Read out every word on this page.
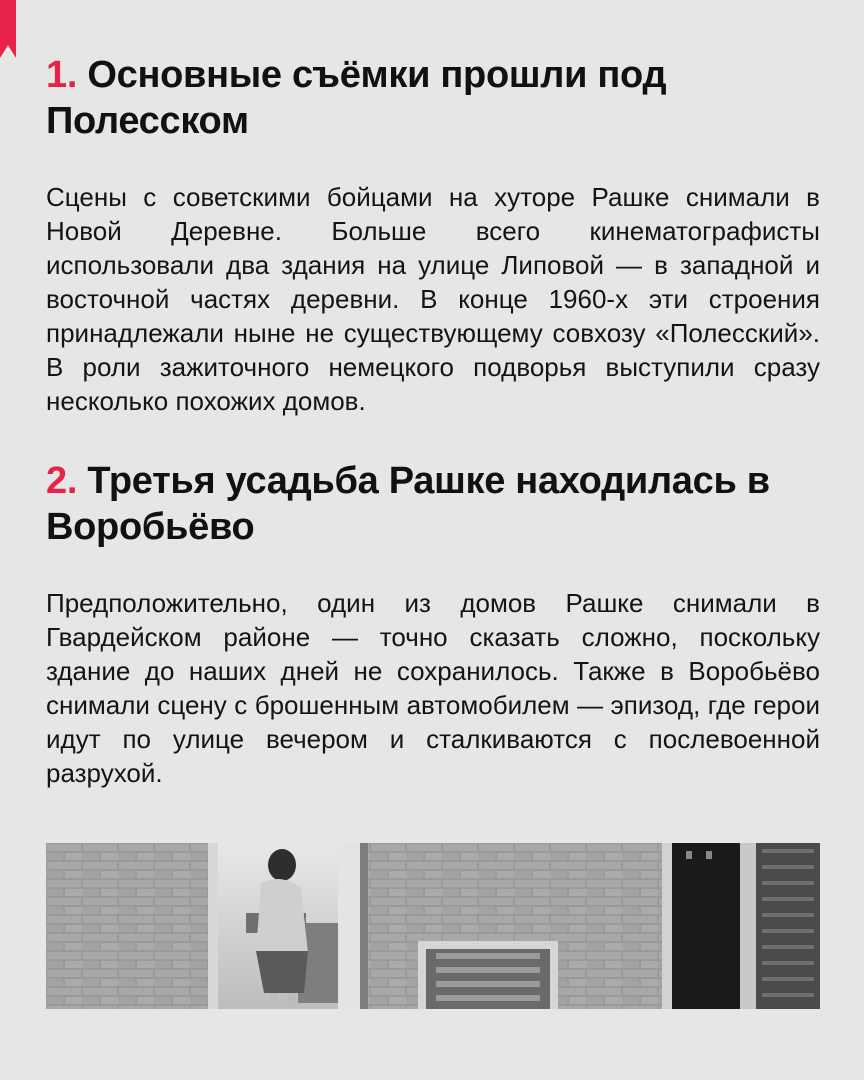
1. Основные съёмки прошли под Полесском

Сцены с советскими бойцами на хуторе Рашке снимали в Новой Деревне. Больше всего кинематографисты использовали два здания на улице Липовой — в западной и восточной частях деревни. В конце 1960-х эти строения принадлежали ныне не существующему совхозу «Полесский». В роли зажиточного немецкого подворья выступили сразу несколько похожих домов.

2. Третья усадьба Рашке находилась в Воробьёво

Предположительно, один из домов Рашке снимали в Гвардейском районе — точно сказать сложно, поскольку здание до наших дней не сохранилось. Также в Воробьёво снимали сцену с брошенным автомобилем — эпизод, где герои идут по улице вечером и сталкиваются с послевоенной разрухой.
